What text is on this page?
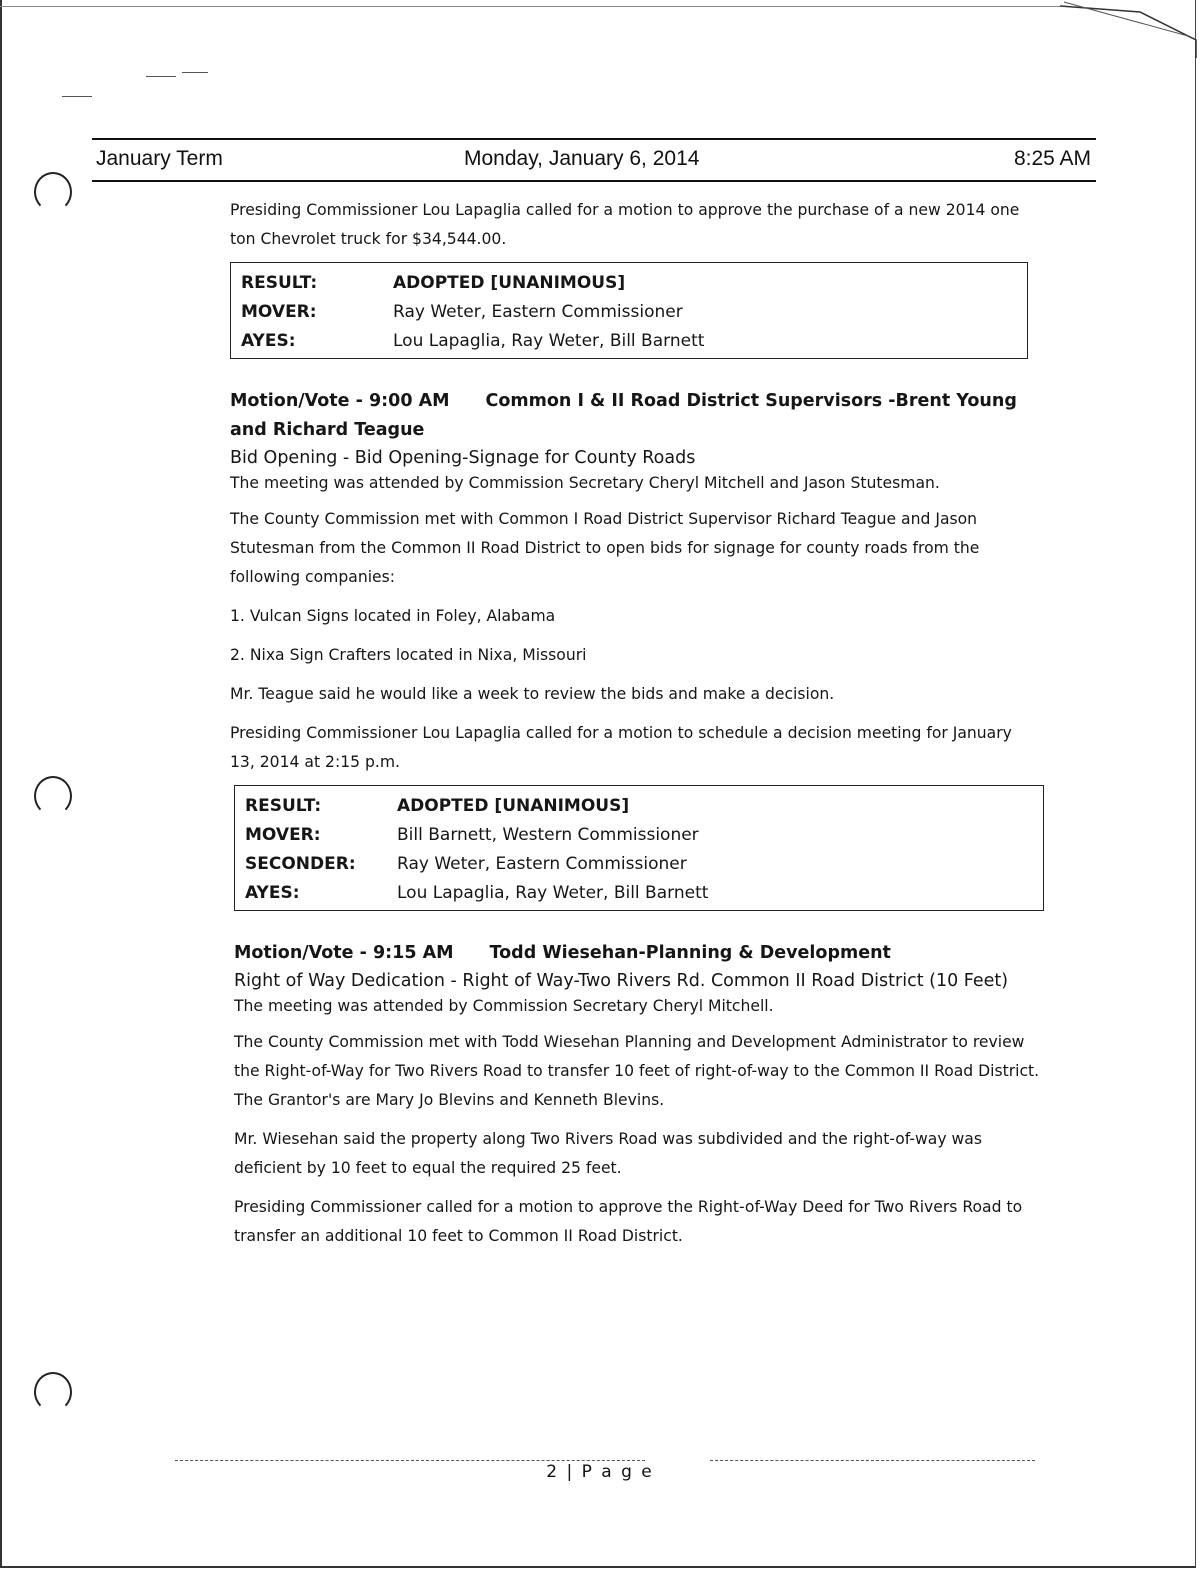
January Term	Monday, January 6, 2014	8:25 AM

Presiding Commissioner Lou Lapaglia called for a motion to approve the purchase of a new 2014 one ton Chevrolet truck for $34,544.00.

RESULT:	ADOPTED [UNANIMOUS]
MOVER:	Ray Weter, Eastern Commissioner
AYES:	Lou Lapaglia, Ray Weter, Bill Barnett
Motion/Vote - 9:00 AM Common I & II Road District Supervisors -Brent Young and Richard Teague
Bid Opening - Bid Opening-Signage for County Roads
The meeting was attended by Commission Secretary Cheryl Mitchell and Jason Stutesman.

The County Commission met with Common I Road District Supervisor Richard Teague and Jason Stutesman from the Common II Road District to open bids for signage for county roads from the following companies:

1. Vulcan Signs located in Foley, Alabama

2. Nixa Sign Crafters located in Nixa, Missouri

Mr. Teague said he would like a week to review the bids and make a decision.

Presiding Commissioner Lou Lapaglia called for a motion to schedule a decision meeting for January 13, 2014 at 2:15 p.m.

RESULT:	ADOPTED [UNANIMOUS]
MOVER:	Bill Barnett, Western Commissioner
SECONDER:	Ray Weter, Eastern Commissioner
AYES:	Lou Lapaglia, Ray Weter, Bill Barnett
Motion/Vote - 9:15 AM Todd Wiesehan-Planning & Development
Right of Way Dedication - Right of Way-Two Rivers Rd. Common II Road District (10 Feet)
The meeting was attended by Commission Secretary Cheryl Mitchell.

The County Commission met with Todd Wiesehan Planning and Development Administrator to review the Right-of-Way for Two Rivers Road to transfer 10 feet of right-of-way to the Common II Road District. The Grantor's are Mary Jo Blevins and Kenneth Blevins.

Mr. Wiesehan said the property along Two Rivers Road was subdivided and the right-of-way was deficient by 10 feet to equal the required 25 feet.

Presiding Commissioner called for a motion to approve the Right-of-Way Deed for Two Rivers Road to transfer an additional 10 feet to Common II Road District.

2 | P a g e
